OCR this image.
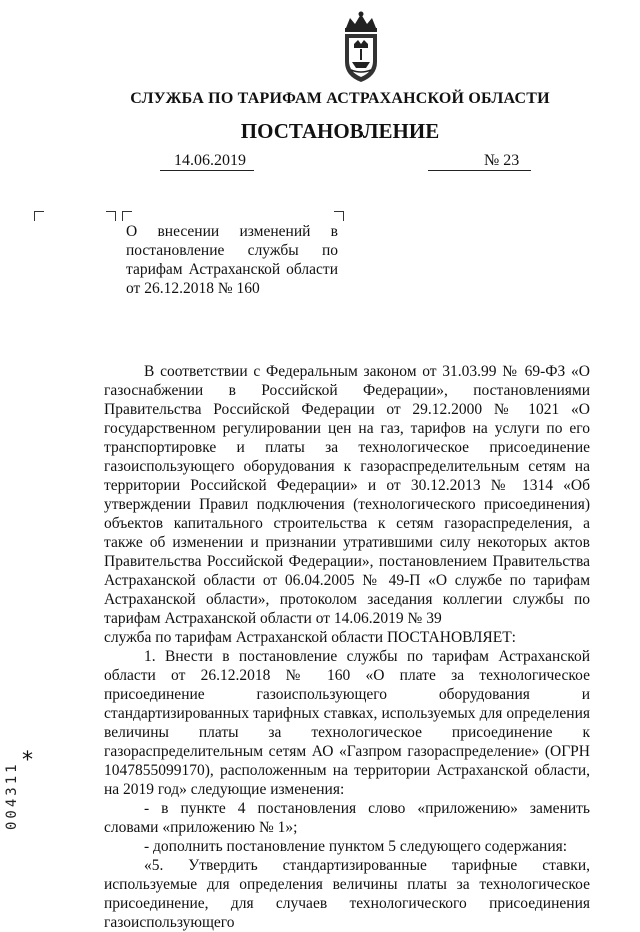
СЛУЖБА ПО ТАРИФАМ АСТРАХАНСКОЙ ОБЛАСТИ
ПОСТАНОВЛЕНИЕ
14.06.2019	№ 23
О внесении изменений в
постановление службы по
тарифам Астраханской области
от 26.12.2018 № 160

В соответствии с Федеральным законом от 31.03.99 № 69-ФЗ «О газоснабжении в Российской Федерации», постановлениями Правительства Российской Федерации от 29.12.2000 № 1021 «О государственном регулировании цен на газ, тарифов на услуги по его транспортировке и платы за технологическое присоединение газоиспользующего оборудования к газораспределительным сетям на территории Российской Федерации» и от 30.12.2013 № 1314 «Об утверждении Правил подключения (технологического присоединения) объектов капитального строительства к сетям газораспределения, а также об изменении и признании утратившими силу некоторых актов Правительства Российской Федерации», постановлением Правительства Астраханской области от 06.04.2005 № 49-П «О службе по тарифам Астраханской области», протоколом заседания коллегии службы по тарифам Астраханской области от 14.06.2019 № 39

служба по тарифам Астраханской области ПОСТАНОВЛЯЕТ:

1. Внести в постановление службы по тарифам Астраханской области от 26.12.2018 № 160 «О плате за технологическое присоединение газоиспользующего оборудования и стандартизированных тарифных ставках, используемых для определения величины платы за технологическое присоединение к газораспределительным сетям АО «Газпром газораспределение» (ОГРН 1047855099170), расположенным на территории Астраханской области, на 2019 год» следующие изменения:

- в пункте 4 постановления слово «приложению» заменить словами «приложению № 1»;

- дополнить постановление пунктом 5 следующего содержания:

«5. Утвердить стандартизированные тарифные ставки, используемые для определения величины платы за технологическое присоединение, для случаев технологического присоединения газоиспользующего

*
004311
